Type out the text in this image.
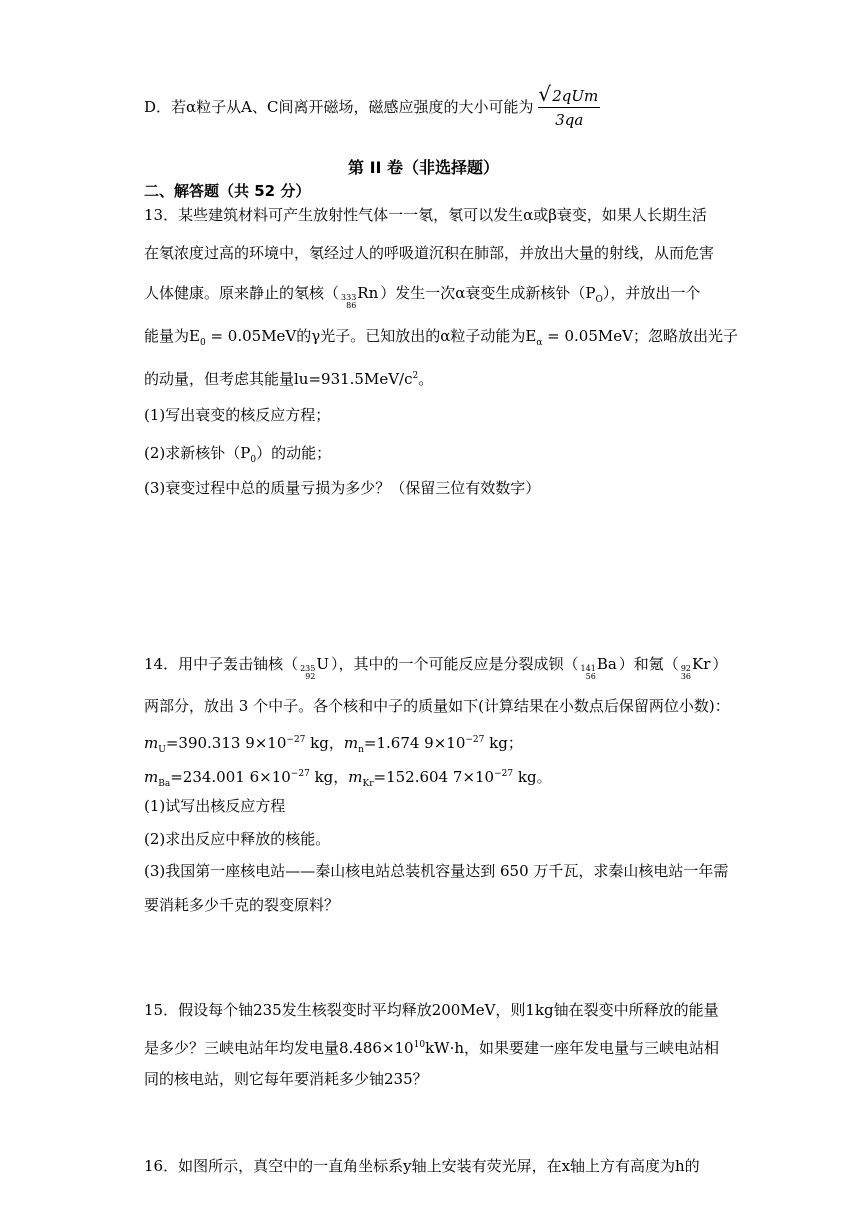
D．若α粒子从A、C间离开磁场，磁感应强度的大小可能为 $\frac{\text{√ 2qUm}}{3qa}$
第 II 卷（非选择题）
二、解答题（共 52 分）
13．某些建筑材料可产生放射性气体一一氡，氡可以发生α或β衰变，如果人长期生活
在氡浓度过高的环境中，氡经过人的呼吸道沉积在肺部，并放出大量的射线，从而危害
人体健康。原来静止的氡核（ 333
86
Rn ）发生一次α衰变生成新核钋$(P_O)$，并放出一个
能量为$E_0 = 0.05MeV$的γ光子。已知放出的α粒子动能为$E_\alpha = 0.05MeV$；忽略放出光子
的动量，但考虑其能量$lu=931.5MeV/c^2$。
(1)写出衰变的核反应方程；
(2)求新核钋$(P_0)$的动能；
(3)衰变过程中总的质量亏损为多少？（保留三位有效数字）
14．用中子轰击铀核（ 235
92
U ），其中的一个可能反应是分裂成钡（ 141
56
Ba ）和氪（ 92
36
Kr ）
两部分，放出 3 个中子。各个核和中子的质量如下(计算结果在小数点后保留两位小数)：
$m_U=390.313$ $9\times 10^{-27}$ kg，$m_n=1.674$ $9\times 10^{-27}$ kg；
$m_{Ba}=234.001$ $6\times 10^{-27}$ kg，$m_{Kr}=152.604$ $7\times 10^{-27}$ kg。
(1)试写出核反应方程
(2)求出反应中释放的核能。
(3)我国第一座核电站——秦山核电站总装机容量达到 650 万千瓦，求秦山核电站一年需
要消耗多少千克的裂变原料？
15．假设每个铀235发生核裂变时平均释放200MeV，则1kg铀在裂变中所释放的能量
是多少？三峡电站年均发电量$8.486\times 10^{10}kW\cdot h$，如果要建一座年发电量与三峡电站相
同的核电站，则它每年要消耗多少铀235？
16．如图所示，真空中的一直角坐标系y轴上安装有荧光屏，在x轴上方有高度为h的
